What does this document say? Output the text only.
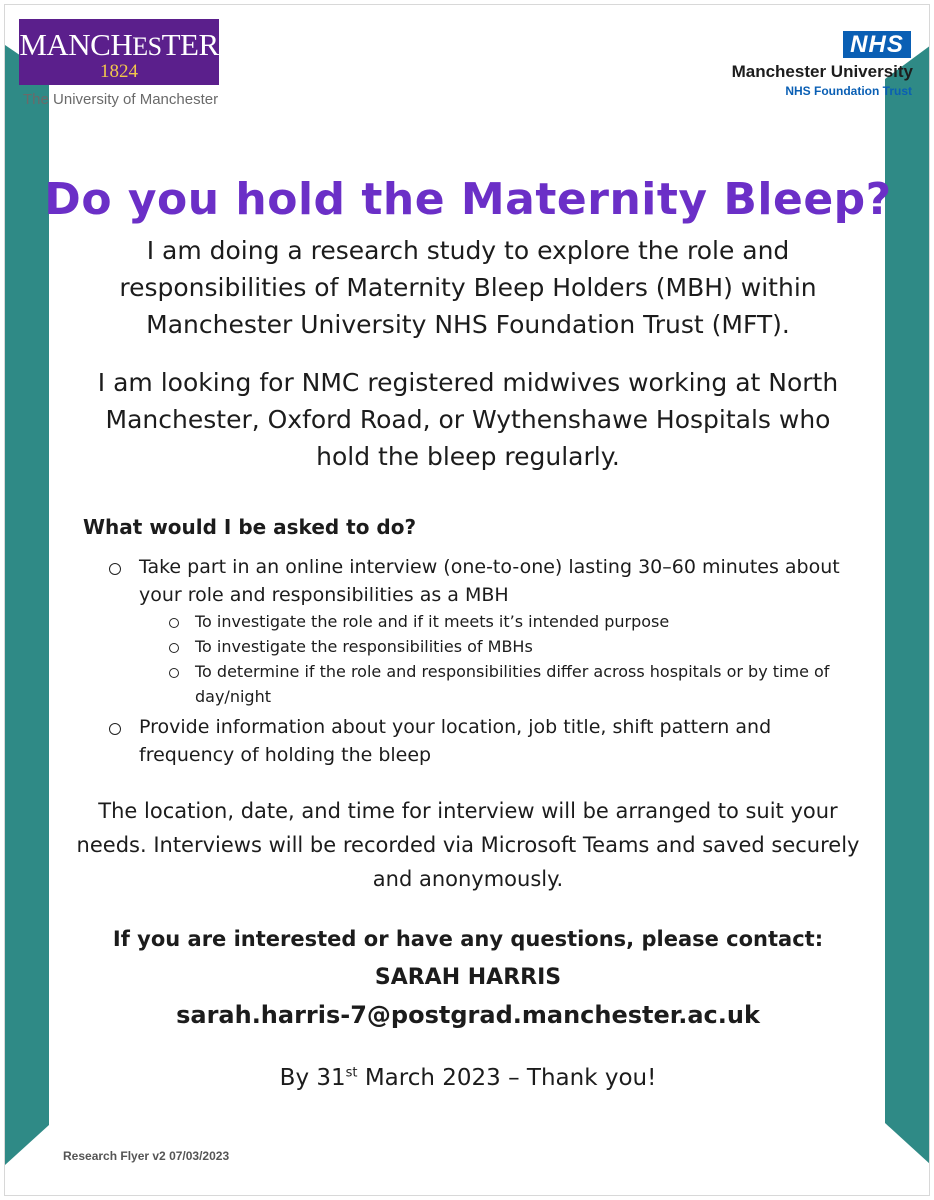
MANCHESTER
1824
The University of Manchester
NHS
Manchester University
NHS Foundation Trust
Do you hold the Maternity Bleep?

I am doing a research study to explore the role and responsibilities of Maternity Bleep Holders (MBH) within Manchester University NHS Foundation Trust (MFT).

I am looking for NMC registered midwives working at North Manchester, Oxford Road, or Wythenshawe Hospitals who hold the bleep regularly.

What would I be asked to do?
Take part in an online interview (one-to-one) lasting 30–60 minutes about your role and responsibilities as a MBH
To investigate the role and if it meets it’s intended purpose
To investigate the responsibilities of MBHs
To determine if the role and responsibilities differ across hospitals or by time of day/night
Provide information about your location, job title, shift pattern and frequency of holding the bleep

The location, date, and time for interview will be arranged to suit your needs. Interviews will be recorded via Microsoft Teams and saved securely and anonymously.

If you are interested or have any questions, please contact:

SARAH HARRIS

sarah.harris-7@postgrad.manchester.ac.uk

By 31st March 2023 – Thank you!

Research Flyer v2 07/03/2023
